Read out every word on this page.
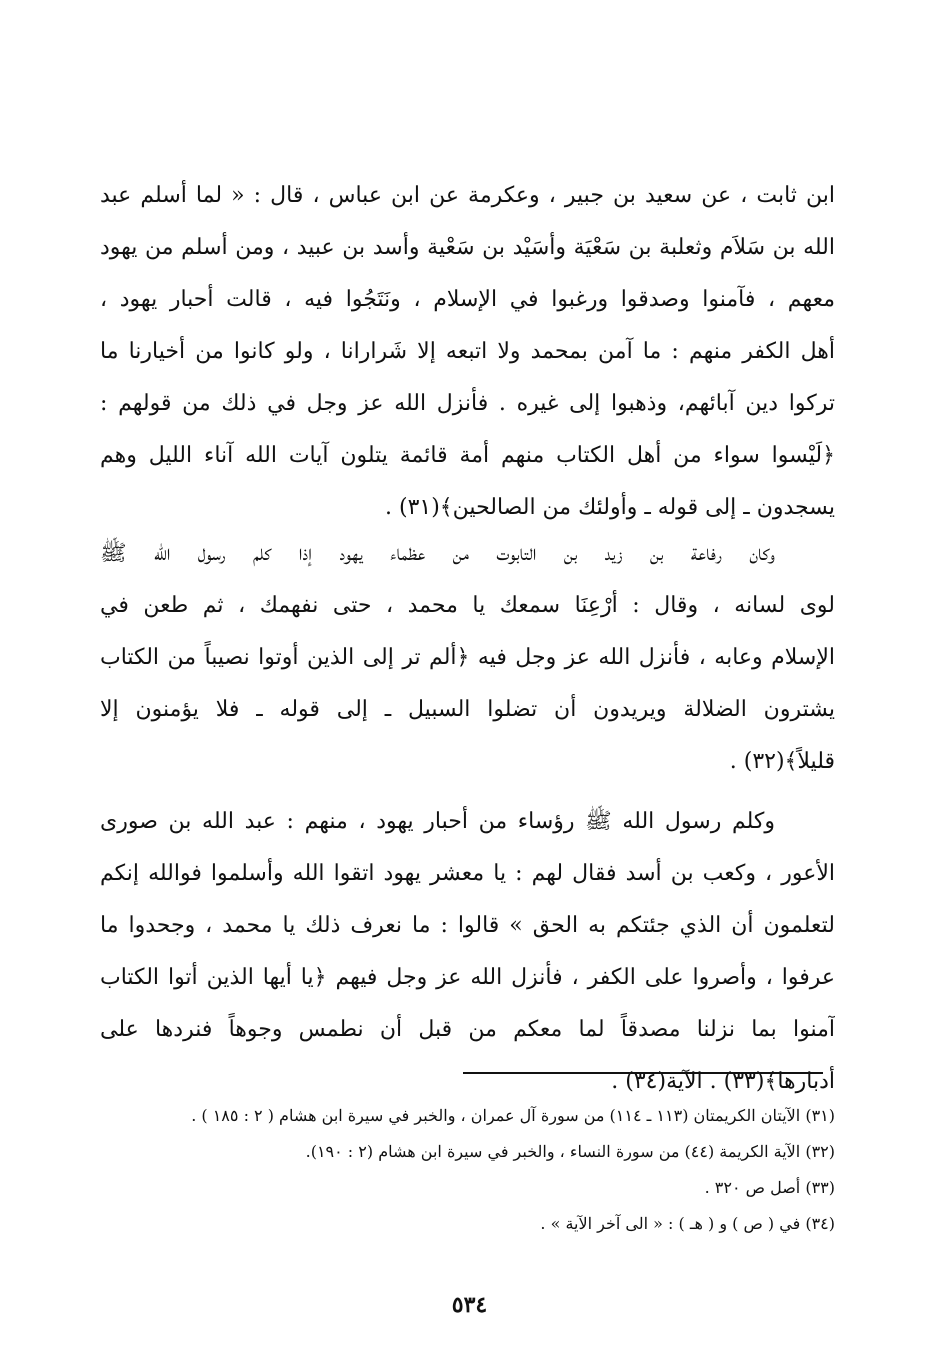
ابن ثابت ، عن سعيد بن جبير ، وعكرمة عن ابن عباس ، قال : « لما أسلم عبد
الله بن سَلاَم وثعلبة بن سَعْيَة وأسَيْد بن سَعْية وأسد بن عبيد ، ومن أسلم من يهود
معهم ، فآمنوا وصدقوا ورغبوا في الإسلام ، ونَتَجُوا فيه ، قالت أحبار يهود ،
أهل الكفر منهم : ما آمن بمحمد ولا اتبعه إلا شَرارانا ، ولو كانوا من أخيارنا ما
تركوا دين آبائهم، وذهبوا إلى غيره . فأنزل الله عز وجل في ذلك من قولهم :
﴿لَيْسوا سواء من أهل الكتاب منهم أمة قائمة يتلون آيات الله آناء الليل وهم
يسجدون ـ إلى قوله ـ وأولئك من الصالحين﴾(٣١) .
وكان رفاعة بن زيد بن التابوت من عظماء يهود إذا كلم رسول الله ﷺ
لوى لسانه ، وقال : أرْعِنَا سمعك يا محمد ، حتى نفهمك ، ثم طعن في
الإسلام وعابه ، فأنزل الله عز وجل فيه ﴿ألم تر إلى الذين أوتوا نصيباً من الكتاب
يشترون الضلالة ويريدون أن تضلوا السبيل ـ إلى قوله ـ فلا يؤمنون إلا
قليلاً﴾(٣٢) .
وكلم رسول الله ﷺ رؤساء من أحبار يهود ، منهم : عبد الله بن صورى
الأعور ، وكعب بن أسد فقال لهم : يا معشر يهود اتقوا الله وأسلموا فوالله إنكم
لتعلمون أن الذي جئتكم به الحق » قالوا : ما نعرف ذلك يا محمد ، وجحدوا ما
عرفوا ، وأصروا على الكفر ، فأنزل الله عز وجل فيهم ﴿يا أيها الذين أتوا الكتاب
آمنوا بما نزلنا مصدقاً لما معكم من قبل أن نطمس وجوهاً فنردها على
أدبارها﴾(٣٣) . الآية(٣٤) .
(٣١) الآيتان الكريمتان (١١٣ ـ ١١٤) من سورة آل عمران ، والخبر في سيرة ابن هشام ( ٢ : ١٨٥ ) .
(٣٢) الآية الكريمة (٤٤) من سورة النساء ، والخبر في سيرة ابن هشام (٢ : ١٩٠).
(٣٣) أصل ص ٣٢٠ .
(٣٤) في ( ص ) و ( هـ ) : « الى آخر الآية » .
٥٣٤
